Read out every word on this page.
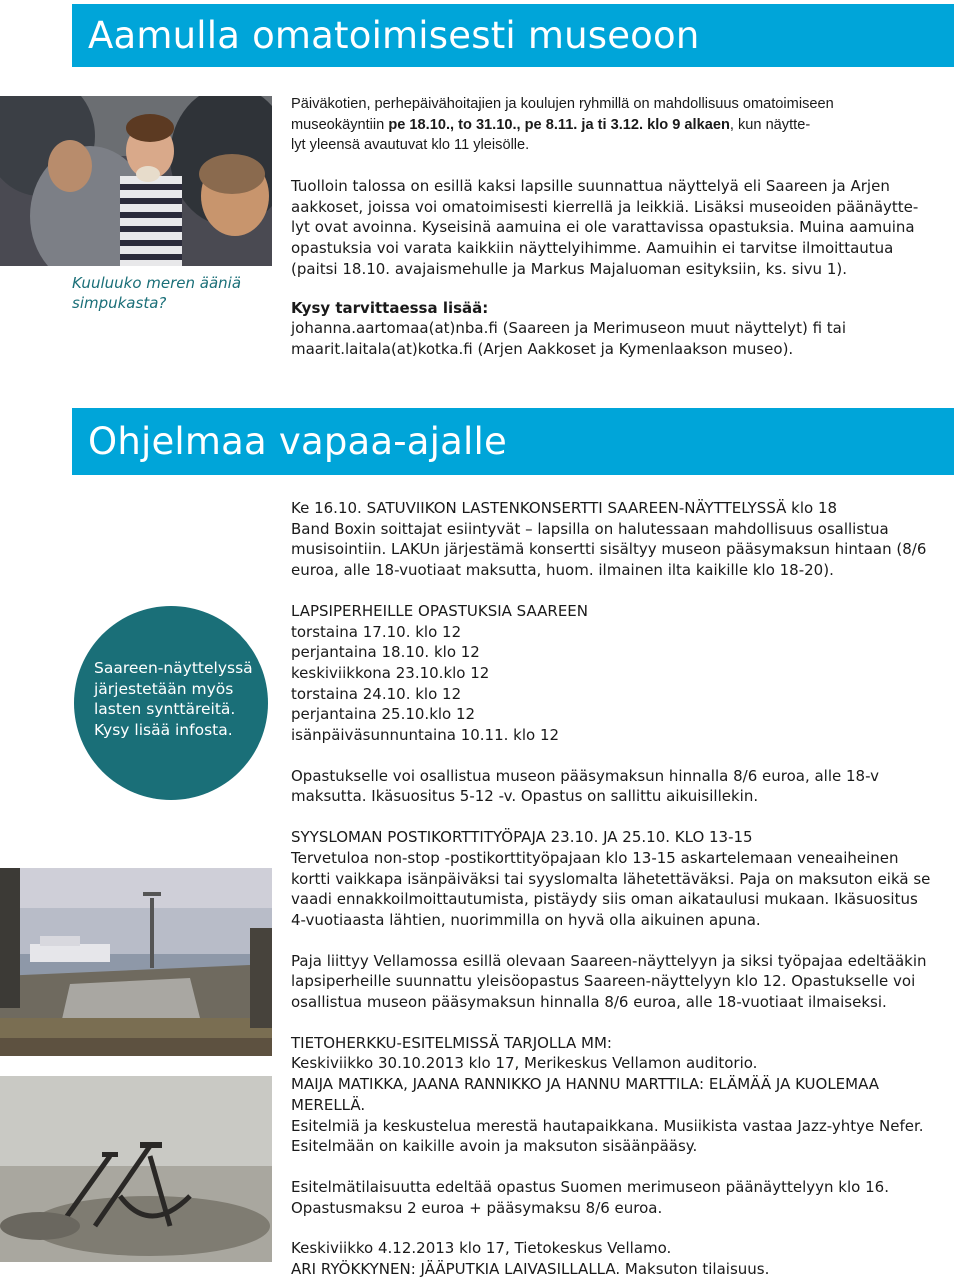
Aamulla omatoimisesti museoon
Kuuluuko meren ääniä
simpukasta?

Päiväkotien, perhepäivähoitajien ja koulujen ryhmillä on mahdollisuus omatoimiseen

museokäyntiin pe 18.10., to 31.10., pe 8.11. ja ti 3.12. klo 9 alkaen, kun näytte-

lyt yleensä avautuvat klo 11 yleisölle.

Tuolloin talossa on esillä kaksi lapsille suunnattua näyttelyä eli Saareen ja Arjen

aakkoset, joissa voi omatoimisesti kierrellä ja leikkiä. Lisäksi museoiden päänäytte-

lyt ovat avoinna. Kyseisinä aamuina ei ole varattavissa opastuksia. Muina aamuina

opastuksia voi varata kaikkiin näyttelyihimme. Aamuihin ei tarvitse ilmoittautua

(paitsi 18.10. avajaismehulle ja Markus Majaluoman esityksiin, ks. sivu 1).

Kysy tarvittaessa lisää:

johanna.aartomaa(at)nba.fi (Saareen ja Merimuseon muut näyttelyt) fi tai

maarit.laitala(at)kotka.fi (Arjen Aakkoset ja Kymenlaakson museo).

Ohjelmaa vapaa-ajalle
Saareen-näyttelyssä
järjestetään myös
lasten synttäreitä.
Kysy lisää infosta.

Ke 16.10. SATUVIIKON LASTENKONSERTTI SAAREEN-NÄYTTELYSSÄ klo 18

Band Boxin soittajat esiintyvät – lapsilla on halutessaan mahdollisuus osallistua

musisointiin. LAKUn järjestämä konsertti sisältyy museon pääsymaksun hintaan (8/6

euroa, alle 18-vuotiaat maksutta, huom. ilmainen ilta kaikille klo 18-20).

LAPSIPERHEILLE OPASTUKSIA SAAREEN

torstaina 17.10. klo 12

perjantaina 18.10. klo 12

keskiviikkona 23.10.klo 12

torstaina 24.10. klo 12

perjantaina 25.10.klo 12

isänpäiväsunnuntaina 10.11. klo 12

Opastukselle voi osallistua museon pääsymaksun hinnalla 8/6 euroa, alle 18-v

maksutta. Ikäsuositus 5-12 -v. Opastus on sallittu aikuisillekin.

SYYSLOMAN POSTIKORTTITYÖPAJA 23.10. JA 25.10. KLO 13-15

Tervetuloa non-stop -postikorttityöpajaan klo 13-15 askartelemaan veneaiheinen

kortti vaikkapa isänpäiväksi tai syyslomalta lähetettäväksi. Paja on maksuton eikä se

vaadi ennakkoilmoittautumista, pistäydy siis oman aikataulusi mukaan. Ikäsuositus

4-vuotiaasta lähtien, nuorimmilla on hyvä olla aikuinen apuna.

Paja liittyy Vellamossa esillä olevaan Saareen-näyttelyyn ja siksi työpajaa edeltääkin

lapsiperheille suunnattu yleisöopastus Saareen-näyttelyyn klo 12. Opastukselle voi

osallistua museon pääsymaksun hinnalla 8/6 euroa, alle 18-vuotiaat ilmaiseksi.

TIETOHERKKU-ESITELMISSÄ TARJOLLA MM:

Keskiviikko 30.10.2013 klo 17, Merikeskus Vellamon auditorio.

MAIJA MATIKKA, JAANA RANNIKKO JA HANNU MARTTILA: ELÄMÄÄ JA KUOLEMAA

MERELLÄ.

Esitelmiä ja keskustelua merestä hautapaikkana. Musiikista vastaa Jazz-yhtye Nefer.

Esitelmään on kaikille avoin ja maksuton sisäänpääsy.

Esitelmätilaisuutta edeltää opastus Suomen merimuseon päänäyttelyyn klo 16.

Opastusmaksu 2 euroa + pääsymaksu 8/6 euroa.

Keskiviikko 4.12.2013 klo 17, Tietokeskus Vellamo.

ARI RYÖKKYNEN: JÄÄPUTKIA LAIVASILLALLA. Maksuton tilaisuus.
